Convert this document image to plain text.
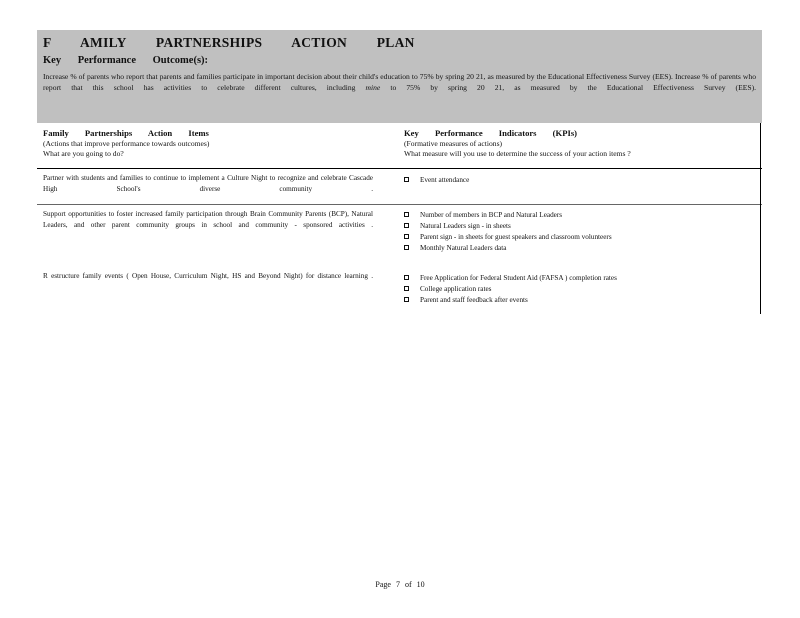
F AMILY PARTNERSHIPS ACTION PLAN
Key Performance Outcome(s):
Increase % of parents who report that parents and families participate in important decision about their child's education to 75% by spring 20 21, as measured by the Educational Effectiveness Survey (EES). Increase % of parents who report that this school has activities to celebrate different cultures, including mine to 75% by spring 20 21, as measured by the Educational Effectiveness Survey (EES).
Family Partnerships Action Items
(Actions that improve performance towards outcomes)
What are you going to do?
Key Performance Indicators (KPIs)
(Formative measures of actions)
What measure will you use to determine the success of your action items ?
Partner with students and families to continue to implement a Culture Night to recognize and celebrate Cascade High School's diverse community .
Event attendance
Support opportunities to foster increased family participation through Brain Community Parents (BCP), Natural Leaders, and other parent community groups in school and community - sponsored activities .
Number of members in BCP and Natural Leaders
Natural Leaders sign - in sheets
Parent sign - in sheets for guest speakers and classroom volunteers
Monthly Natural Leaders data
R estructure family events ( Open House, Curriculum Night, HS and Beyond Night) for distance learning .	Free Application for Federal Student Aid (FAFSA ) completion rates
College application rates
Parent and staff feedback after events
Page 7 of 10
